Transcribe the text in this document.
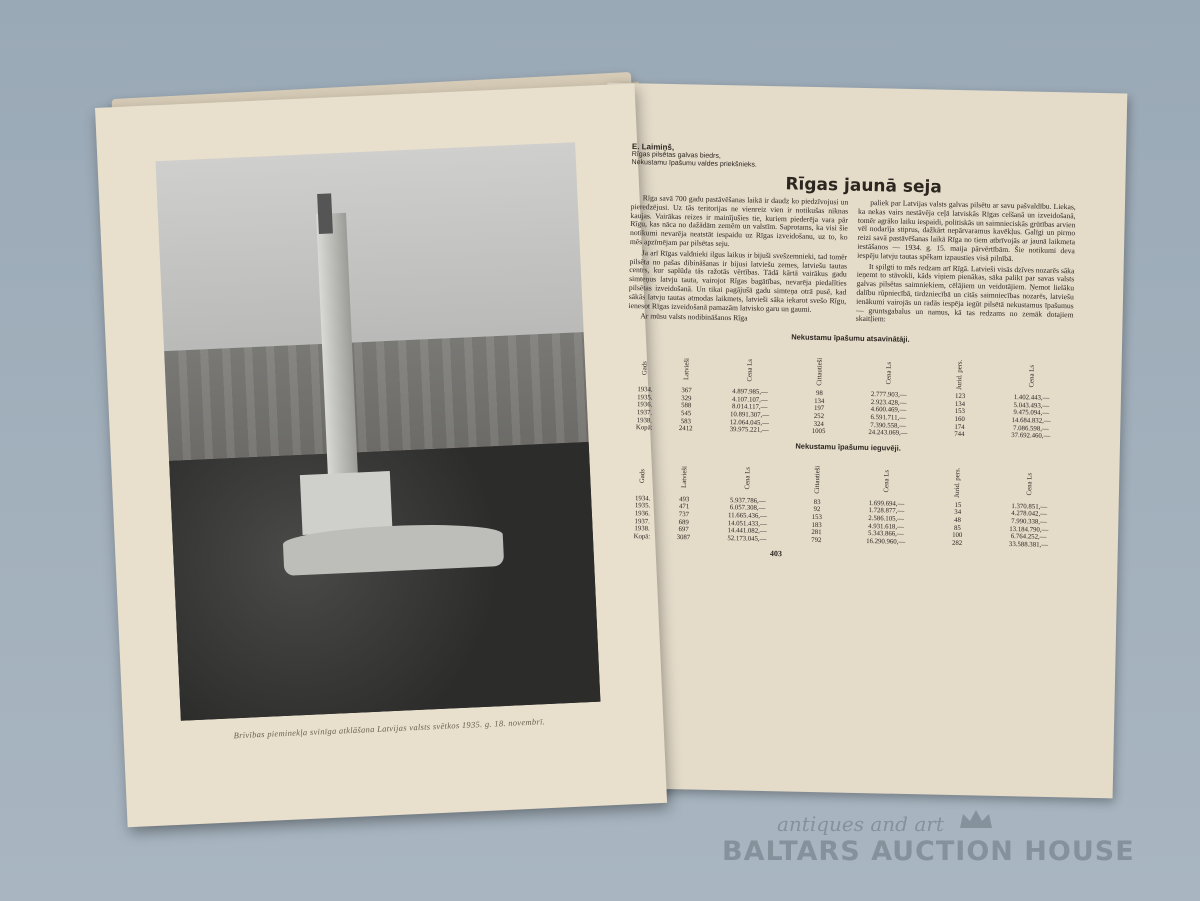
Brīvības pieminekļa svinīga atklāšana Latvijas valsts svētkos 1935. g. 18. novembrī.
E. Laimiņš,
Rīgas pilsētas galvas biedrs,
Nekustamu īpašumu valdes priekšnieks.
Rīgas jaunā seja

Rīga savā 700 gadu pastāvēšanas laikā ir daudz ko piedzīvojusi un pieredzējusi. Uz tās teritorijas ne vienreiz vien ir notikušas niknas kaujas. Vairākas reizes ir mainījušies tie, kuriem piederēja vara pār Rīgu, kas nāca no dažādām zemēm un valstīm. Saprotams, ka visi šie notikumi nevarēja neatstāt iespaidu uz Rīgas izveidošanu, uz to, ko mēs apzīmējam par pilsētas seju.

Ja arī Rīgas valdnieki ilgus laikus ir bijuši svešzemnieki, tad tomēr pilsēta no pašas dibināšanas ir bijusi latviešu zemes, latviešu tautas centrs, kur saplūda tās ražotās vērtības. Tādā kārtā vairākus gadu simteņus latvju tauta, vairojot Rīgas bagātības, nevarēja piedalīties pilsētas izveidošanā. Un tikai pagājušā gadu simteņa otrā pusē, kad sākās latvju tautas atmodas laikmets, latvieši sāka iekarot svešo Rīgu, ienesot Rīgas izveidošanā pamazām latvisko garu un gaumi.

Ar mūsu valsts nodibināšanos Rīga

paliek par Latvijas valsts galvas pilsētu ar savu pašvaldību. Liekas, ka nekas vairs nestāvēja ceļā latviskās Rīgas celšanā un izveidošanā, tomēr agrāko laiku iespaidi, politiskās un saimnieciskās grūtības arvien vēl nodarīja stiprus, dažkārt nepārvaramus kavēkļus. Galīgi un pirmo reizi savā pastāvēšanas laikā Rīga no tiem atbrīvojās ar jaunā laikmeta iestāšanos — 1934. g. 15. maija pārvērtībām. Šie notikumi deva iespēju latvju tautas spēkam izpausties visā pilnībā.

It spilgti to mēs redzam arī Rīgā. Latvieši visās dzīves nozarēs sāka ieņemt to stāvokli, kāds viņiem pienākas, sāka palikt par savas valsts galvas pilsētas saimniekiem, cēlājiem un veidotājiem. Ņemot lielāku dalību rūpniecībā, tirdzniecībā un citās saimniecības nozarēs, latviešu ienākumi vairojās un radās iespēja iegūt pilsētā nekustamus īpašumus — gruntsgabalus un namus, kā tas redzams no zemāk dotajiem skaitļiem:

Nekustamu īpašumu atsavinātāji.
Gads	Latvieši	Cena Ls	Cittautieši	Cena Ls	Jurid. pers.	Cena Ls
1934.	367	4.897.985,—	98	2.777.903,—	123	1.402.443,—
1935.	329	4.107.107,—	134	2.923.428,—	134	5.043.493,—
1936.	588	8.014.117,—	197	4.600.469,—	153	9.475.094,—
1937.	545	10.891.307,—	252	6.591.711,—	160	14.684.832,—
1938.	583	12.064.045,—	324	7.390.558,—	174	7.086.598,—
Kopā:	2412	39.975.221,—	1005	24.243.069,—	744	37.692.460,—
Nekustamu īpašumu ieguvēji.
Gads	Latvieši	Cena Ls	Cittautieši	Cena Ls	Jurid. pers.	Cena Ls
1934.	493	5.937.786,—	83	1.699.694,—	15	1.370.851,—
1935.	471	6.057.308,—	92	1.728.877,—	34	4.278.042,—
1936.	737	11.665.436,—	153	2.586.105,—	48	7.990.338,—
1937.	689	14.051.433,—	183	4.931.618,—	85	13.184.790,—
1938.	697	14.441.082,—	281	5.343.866,—	100	6.764.252,—
Kopā:	3087	52.173.045,—	792	16.290.960,—	282	33.588.381,—
403
antiques and art
BALTARS AUCTION HOUSE
